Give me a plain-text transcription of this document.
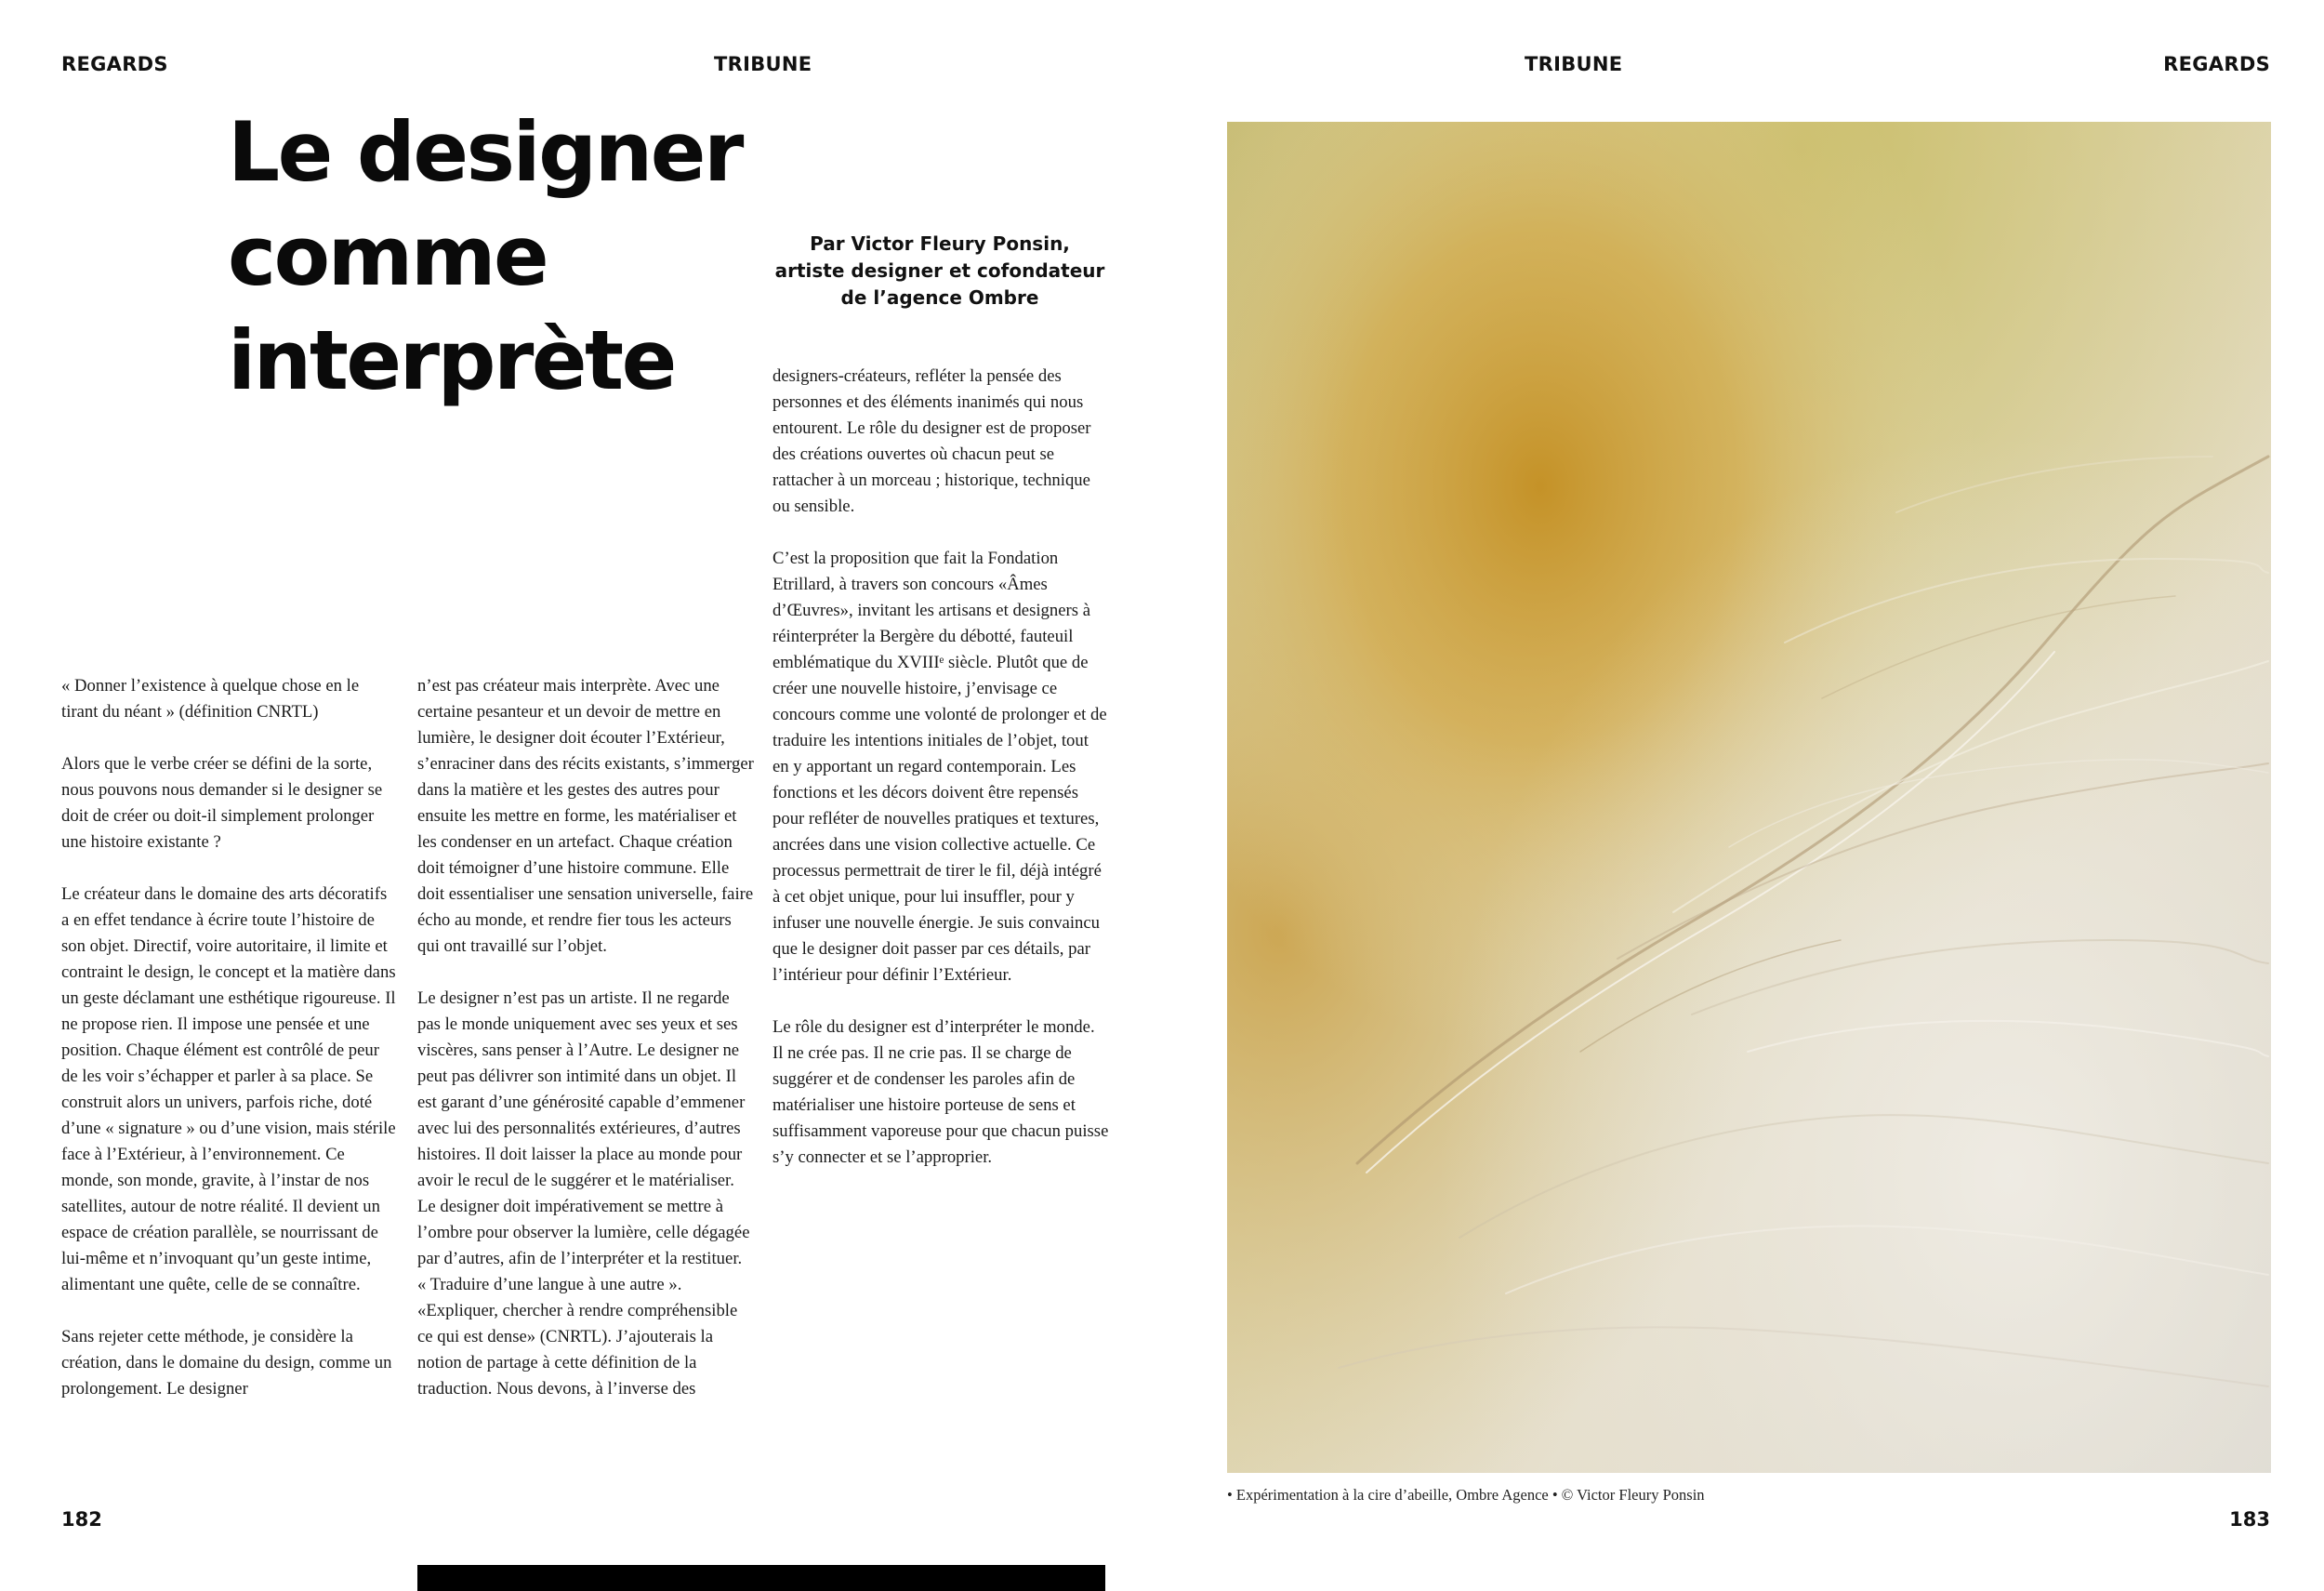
REGARDS	TRIBUNE	TRIBUNE	REGARDS
Le designer
comme
interprète
Par Victor Fleury Ponsin,
artiste designer et cofondateur
de l’agence Ombre

« Donner l’existence à quelque chose en le tirant du néant » (définition CNRTL)

Alors que le verbe créer se défini de la sorte, nous pouvons nous demander si le designer se doit de créer ou doit-il simplement prolonger une histoire existante ?

Le créateur dans le domaine des arts décoratifs a en effet tendance à écrire toute l’histoire de son objet. Directif, voire autoritaire, il limite et contraint le design, le concept et la matière dans un geste déclamant une esthétique rigoureuse. Il ne propose rien. Il impose une pensée et une position. Chaque élément est contrôlé de peur de les voir s’échapper et parler à sa place. Se construit alors un univers, parfois riche, doté d’une « signature » ou d’une vision, mais stérile face à l’Extérieur, à l’environnement. Ce monde, son monde, gravite, à l’instar de nos satellites, autour de notre réalité. Il devient un espace de création parallèle, se nourrissant de lui-même et n’invoquant qu’un geste intime, alimentant une quête, celle de se connaître.

Sans rejeter cette méthode, je considère la création, dans le domaine du design, comme un prolongement. Le designer

n’est pas créateur mais interprète. Avec une certaine pesanteur et un devoir de mettre en lumière, le designer doit écouter l’Extérieur, s’enraciner dans des récits existants, s’immerger dans la matière et les gestes des autres pour ensuite les mettre en forme, les matérialiser et les condenser en un artefact. Chaque création doit témoigner d’une histoire commune. Elle doit essentialiser une sensation universelle, faire écho au monde, et rendre fier tous les acteurs qui ont travaillé sur l’objet.

Le designer n’est pas un artiste. Il ne regarde pas le monde uniquement avec ses yeux et ses viscères, sans penser à l’Autre. Le designer ne peut pas délivrer son intimité dans un objet. Il est garant d’une générosité capable d’emmener avec lui des personnalités extérieures, d’autres histoires. Il doit laisser la place au monde pour avoir le recul de le suggérer et le matérialiser. Le designer doit impérativement se mettre à l’ombre pour observer la lumière, celle dégagée par d’autres, afin de l’interpréter et la restituer. « Traduire d’une langue à une autre ». «Expliquer, chercher à rendre compréhensible ce qui est dense» (CNRTL). J’ajouterais la notion de partage à cette définition de la traduction. Nous devons, à l’inverse des

designers-créateurs, refléter la pensée des personnes et des éléments inanimés qui nous entourent. Le rôle du designer est de proposer des créations ouvertes où chacun peut se rattacher à un morceau ; historique, technique ou sensible.

C’est la proposition que fait la Fondation Etrillard, à travers son concours «Âmes d’Œuvres», invitant les artisans et designers à réinterpréter la Bergère du débotté, fauteuil emblématique du XVIIIᵉ siècle. Plutôt que de créer une nouvelle histoire, j’envisage ce concours comme une volonté de prolonger et de traduire les intentions initiales de l’objet, tout en y apportant un regard contemporain. Les fonctions et les décors doivent être repensés pour refléter de nouvelles pratiques et textures, ancrées dans une vision collective actuelle. Ce processus permettrait de tirer le fil, déjà intégré à cet objet unique, pour lui insuffler, pour y infuser une nouvelle énergie. Je suis convaincu que le designer doit passer par ces détails, par l’intérieur pour définir l’Extérieur.

Le rôle du designer est d’interpréter le monde. Il ne crée pas. Il ne crie pas. Il se charge de suggérer et de condenser les paroles afin de matérialiser une histoire porteuse de sens et suffisamment vaporeuse pour que chacun puisse s’y connecter et se l’approprier.

182	183
• Expérimentation à la cire d’abeille, Ombre Agence • © Victor Fleury Ponsin
